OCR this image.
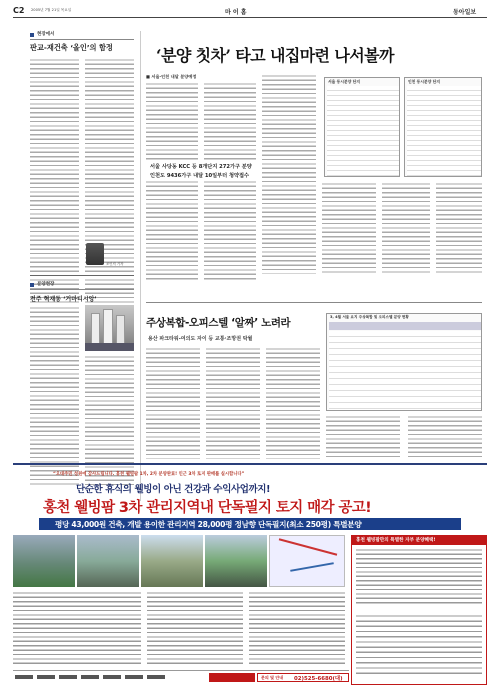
C2 2005년 7월 21일 목요일	마 이 홈	동아일보
현장에서
판교-재건축 ‘올인’의 함정
조인직 기자
분양현장
전주 혁재동 ‘거마티시앙’
‘분양 칫차’ 타고 내집마련 나서볼까
■ 서울·인천 내달 분양예정
서울 사당동 KCC 등 8개단지 272가구 분양
인천도 9436가구 내달 10일부터 청약접수
서울 동시분양 단지	인천 동시분양 단지
주상복합-오피스텔 ‘알짜’ 노려라
용산 파크타워-여의도 자이 등 교통·조망권 탁월
3, 4월 서울 요지 주상복합 및 오피스텔 분양 현황
“오대주민 성원에 감사드립니다. 홍천 웰빙팜 1차, 2차 분양완료! 인근 3차 토지 판매를 실시합니다”
단순한 휴식의 웰빙이 아닌 건강과 수익사업까지!
홍천 웰빙팜 3차 관리지역내 단독필지 토지 매각 공고!
평당 43,000원 건축, 개발 용이한 관리지역 28,000평 정남향 단독필지(최소 250평) 특별분양
홍천 웰빙팜만의 특별한 자부 분양혜택!
문의 및 안내 02)525-6680(대)
